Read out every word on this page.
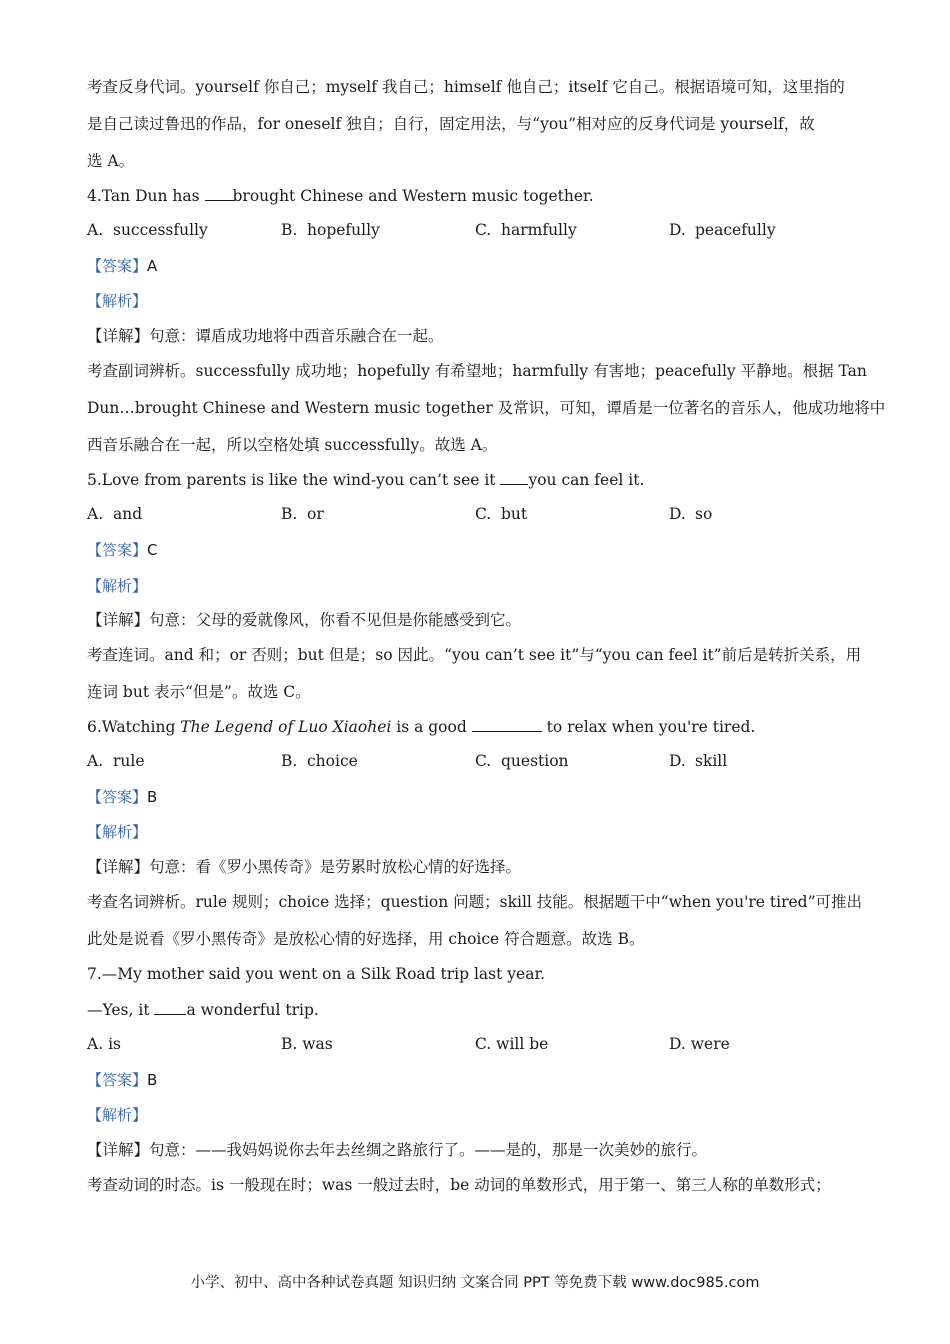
考查反身代词。yourself 你自己；myself 我自己；himself 他自己；itself 它自己。根据语境可知，这里指的
是自己读过鲁迅的作品，for oneself 独自；自行，固定用法，与“you”相对应的反身代词是 yourself，故
选 A。
4.Tan Dun has brought Chinese and Western music together.
A. successfully	B. hopefully	C. harmfully	D. peacefully
【答案】A
【解析】
【详解】句意：谭盾成功地将中西音乐融合在一起。
考查副词辨析。successfully 成功地；hopefully 有希望地；harmfully 有害地；peacefully 平静地。根据 Tan
Dun…brought Chinese and Western music together 及常识，可知，谭盾是一位著名的音乐人，他成功地将中
西音乐融合在一起，所以空格处填 successfully。故选 A。
5.Love from parents is like the wind-you can’t see it you can feel it.
A. and	B. or	C. but	D. so
【答案】C
【解析】
【详解】句意：父母的爱就像风，你看不见但是你能感受到它。
考查连词。and 和；or 否则；but 但是；so 因此。“you can’t see it”与“you can feel it”前后是转折关系，用
连词 but 表示“但是”。故选 C。
6.Watching The Legend of Luo Xiaohei is a good	to relax when you're tired.
A. rule	B. choice	C. question	D. skill
【答案】B
【解析】
【详解】句意：看《罗小黑传奇》是劳累时放松心情的好选择。
考查名词辨析。rule 规则；choice 选择；question 问题；skill 技能。根据题干中“when you're tired”可推出
此处是说看《罗小黑传奇》是放松心情的好选择，用 choice 符合题意。故选 B。
7.—My mother said you went on a Silk Road trip last year.
—Yes, it a wonderful trip.
A. is	B. was	C. will be	D. were
【答案】B
【解析】
【详解】句意：——我妈妈说你去年去丝绸之路旅行了。——是的，那是一次美妙的旅行。
考查动词的时态。is 一般现在时；was 一般过去时，be 动词的单数形式，用于第一、第三人称的单数形式；
小学、初中、高中各种试卷真题 知识归纳 文案合同 PPT 等免费下载 www.doc985.com
